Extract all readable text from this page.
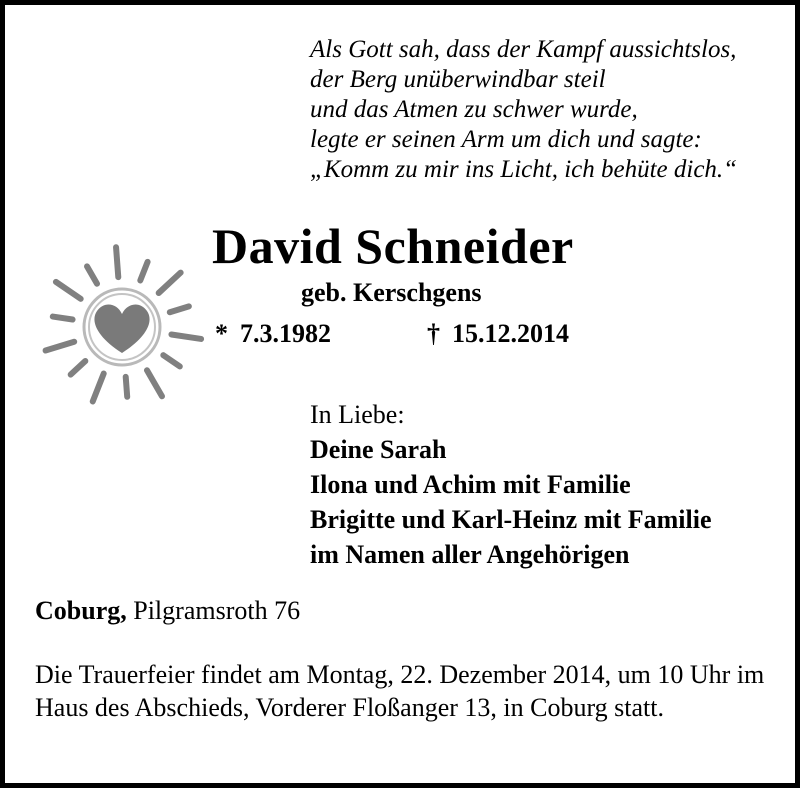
Als Gott sah, dass der Kampf aussichtslos,
der Berg unüberwindbar steil
und das Atmen zu schwer wurde,
legte er seinen Arm um dich und sagte:
„Komm zu mir ins Licht, ich behüte dich.“
David Schneider
geb. Kerschgens
* 7.3.1982	† 15.12.2014
In Liebe:
Deine Sarah
Ilona und Achim mit Familie
Brigitte und Karl-Heinz mit Familie
im Namen aller Angehörigen
Coburg, Pilgramsroth 76

Die Trauerfeier findet am Montag, 22. Dezember 2014, um 10 Uhr im Haus des Abschieds, Vorderer Floßanger 13, in Coburg statt.
